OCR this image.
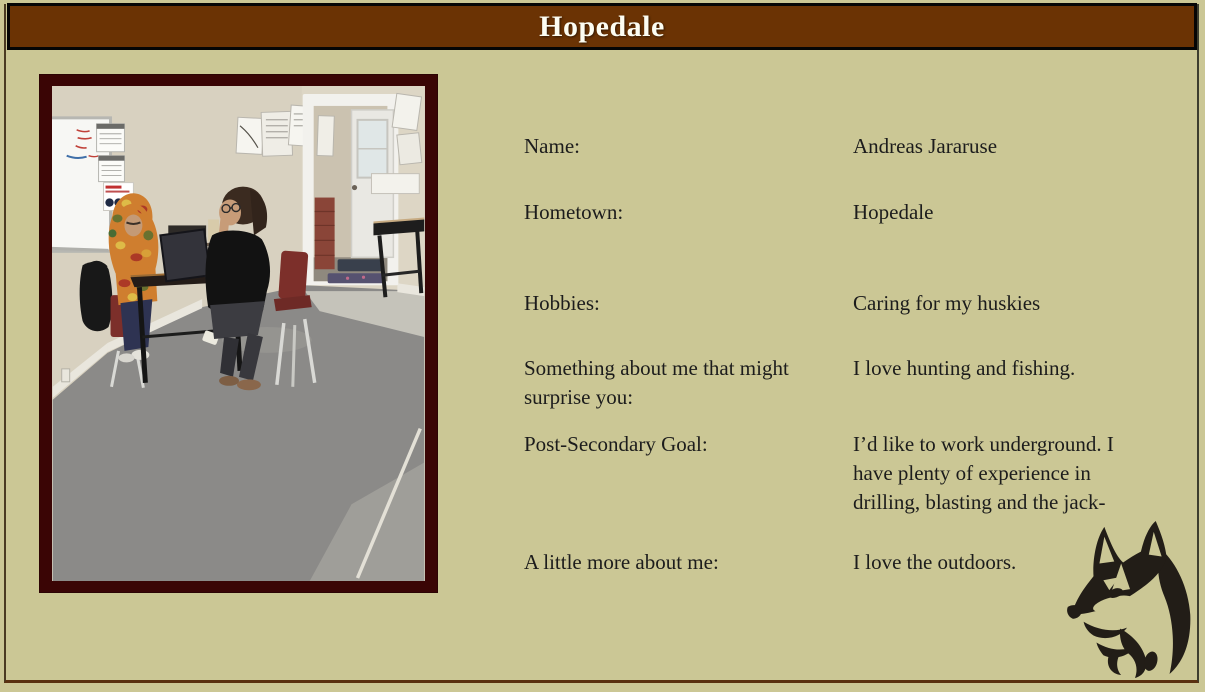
Hopedale
Name:	Andreas Jararuse
Hometown:	Hopedale
Hobbies:	Caring for my huskies
Something about me that might surprise you:
I love hunting and fishing.
Post-Secondary Goal:	I’d like to work underground. I have plenty of experience in drilling, blasting and the jack-
A little more about me:	I love the outdoors.
